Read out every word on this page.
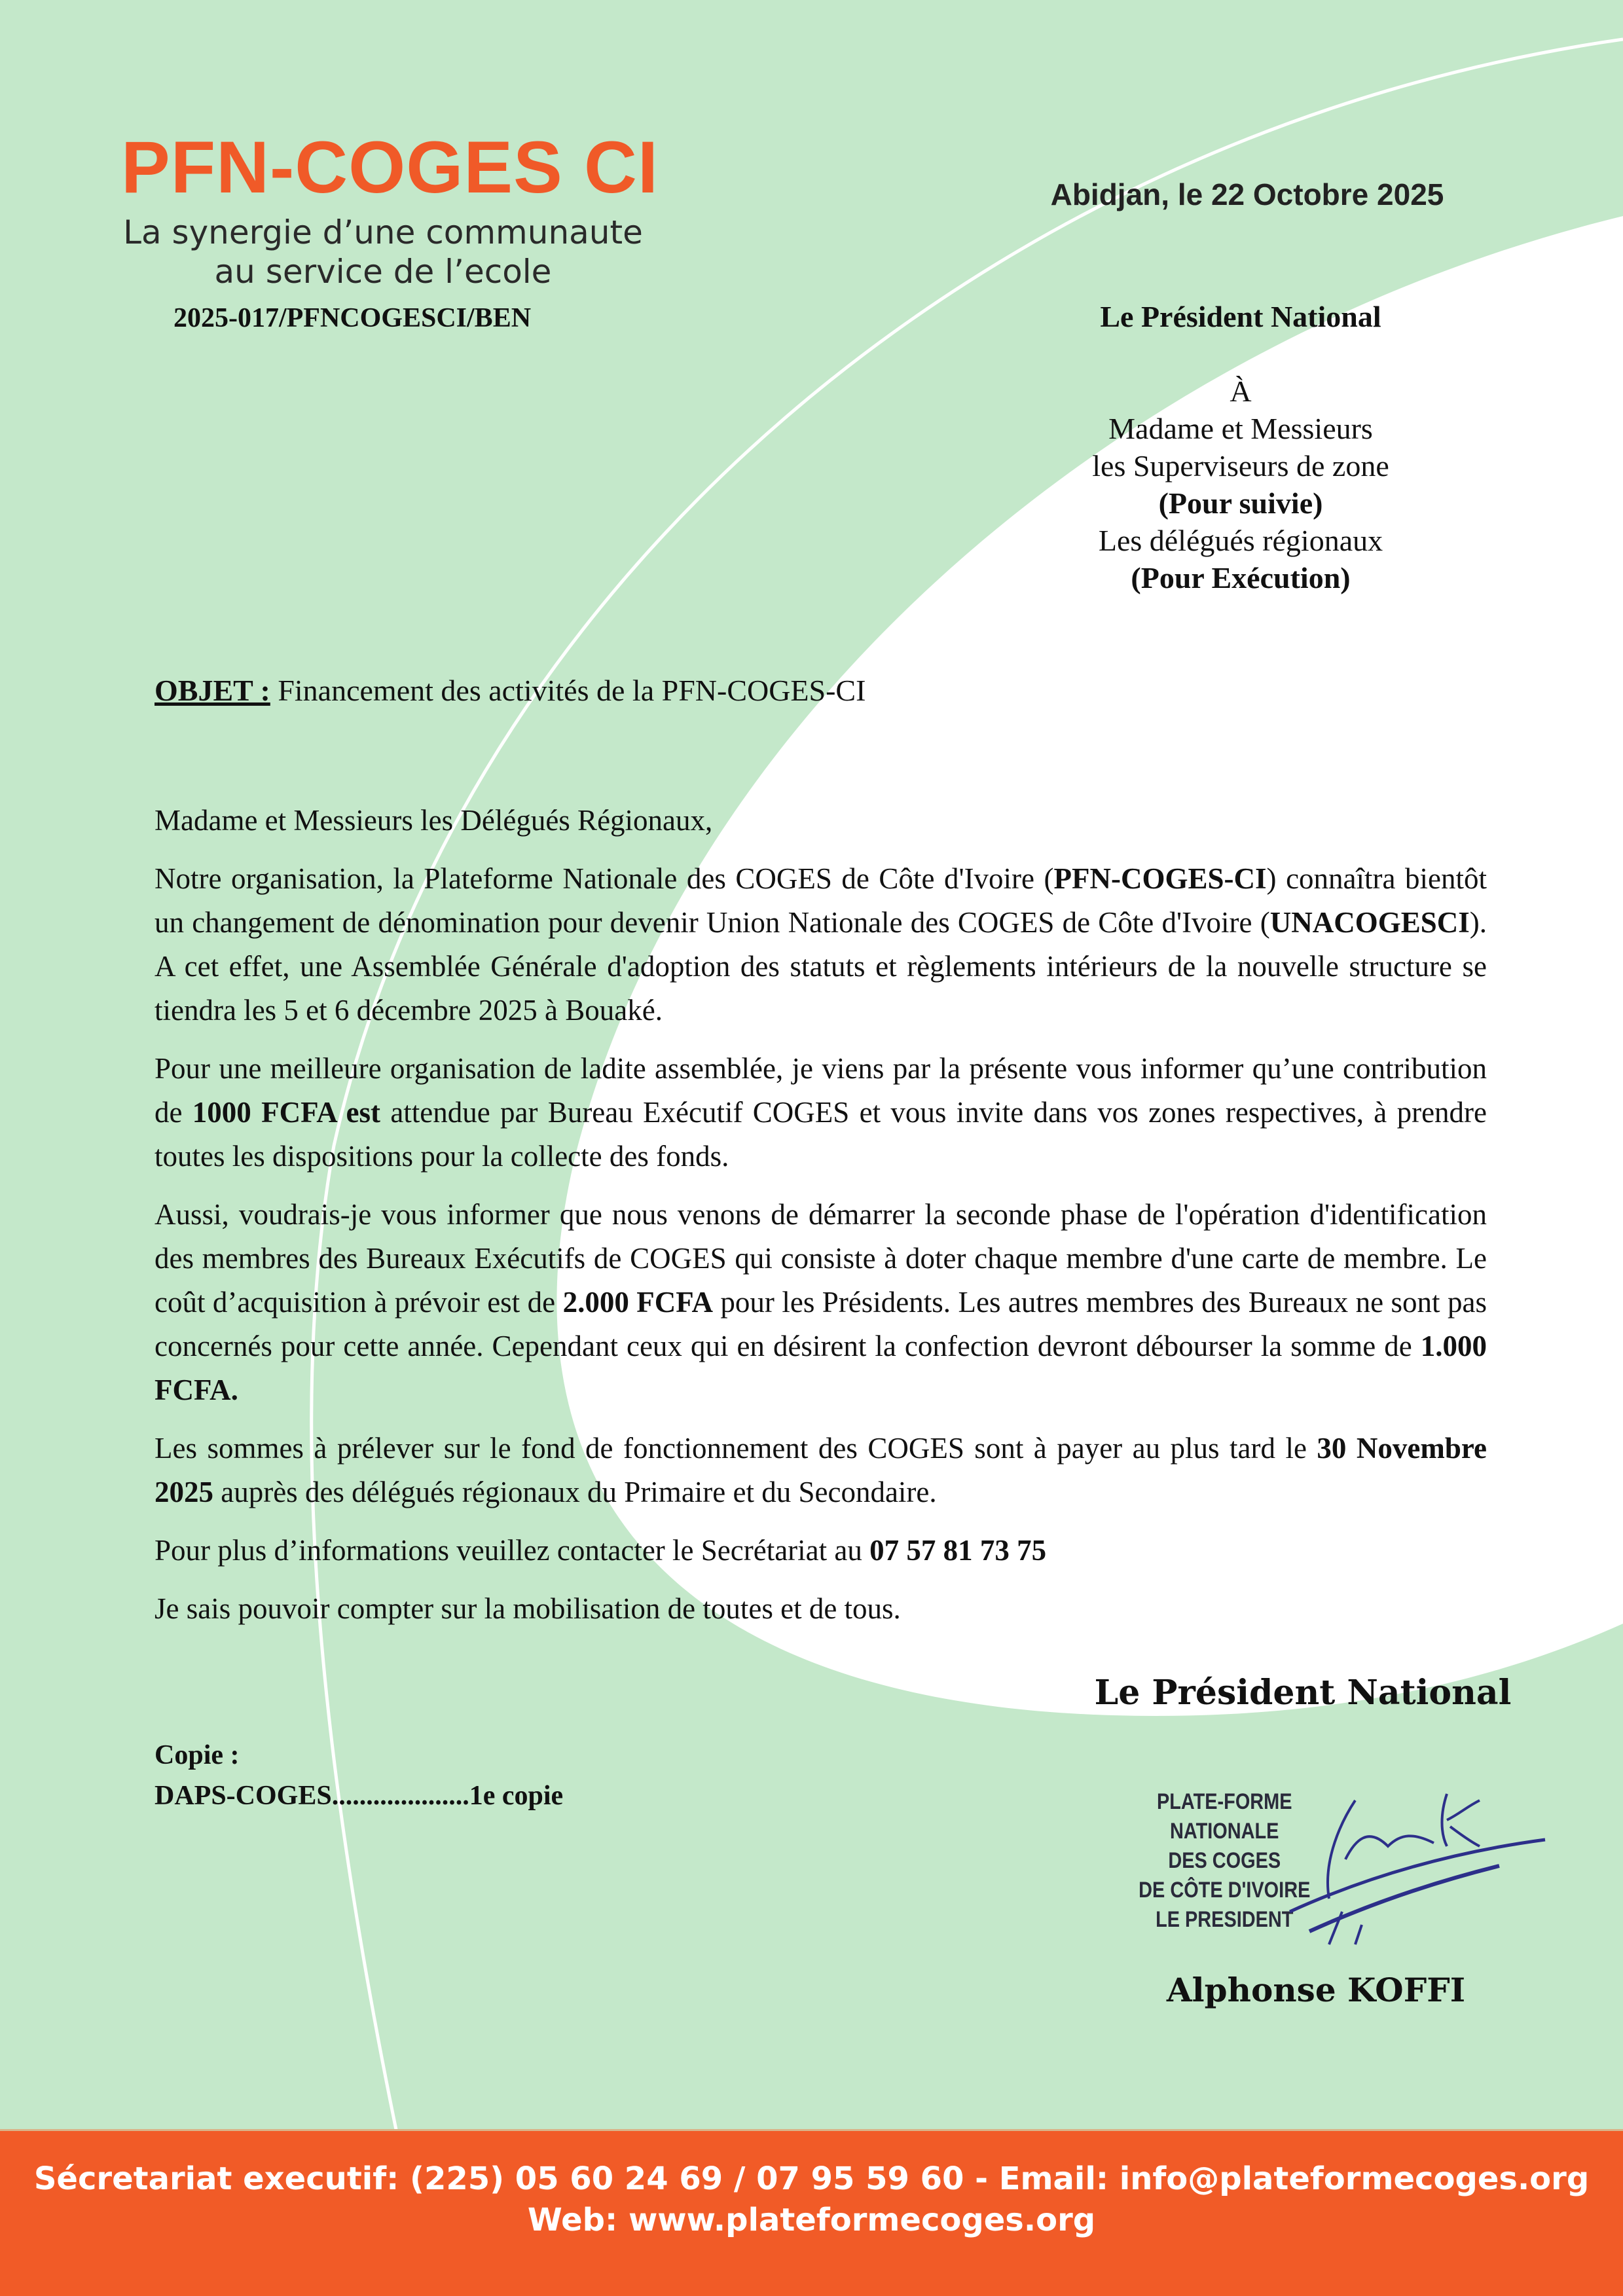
PFN-COGES CI
La synergie d’une communaute
au service de l’ecole
2025-017/PFNCOGESCI/BEN
Abidjan, le 22 Octobre 2025
Le Président National
À
Madame et Messieurs
les Superviseurs de zone
(Pour suivie)
Les délégués régionaux
(Pour Exécution)
OBJET : Financement des activités de la PFN-COGES-CI

Madame et Messieurs les Délégués Régionaux,

Notre organisation, la Plateforme Nationale des COGES de Côte d'Ivoire (PFN-COGES-CI) connaîtra bientôt un changement de dénomination pour devenir Union Nationale des COGES de Côte d'Ivoire (UNACOGESCI). A cet effet, une Assemblée Générale d'adoption des statuts et règlements intérieurs de la nouvelle structure se tiendra les 5 et 6 décembre 2025 à Bouaké.

Pour une meilleure organisation de ladite assemblée, je viens par la présente vous informer qu’une contribution de 1000 FCFA est attendue par Bureau Exécutif COGES et vous invite dans vos zones respectives, à prendre toutes les dispositions pour la collecte des fonds.

Aussi, voudrais-je vous informer que nous venons de démarrer la seconde phase de l'opération d'identification des membres des Bureaux Exécutifs de COGES qui consiste à doter chaque membre d'une carte de membre. Le coût d’acquisition à prévoir est de 2.000 FCFA pour les Présidents. Les autres membres des Bureaux ne sont pas concernés pour cette année. Cependant ceux qui en désirent la confection devront débourser la somme de 1.000 FCFA.

Les sommes à prélever sur le fond de fonctionnement des COGES sont à payer au plus tard le 30 Novembre 2025 auprès des délégués régionaux du Primaire et du Secondaire.

Pour plus d’informations veuillez contacter le Secrétariat au 07 57 81 73 75

Je sais pouvoir compter sur la mobilisation de toutes et de tous.

Le Président National
Copie :
DAPS-COGES....................1e copie	PLATE-FORME NATIONALE
DES COGES
DE CÔTE D'IVOIRE
LE PRESIDENT
Alphonse KOFFI
Sécretariat executif: (225) 05 60 24 69 / 07 95 59 60 - Email: info@plateformecoges.org
Web: www.plateformecoges.org
